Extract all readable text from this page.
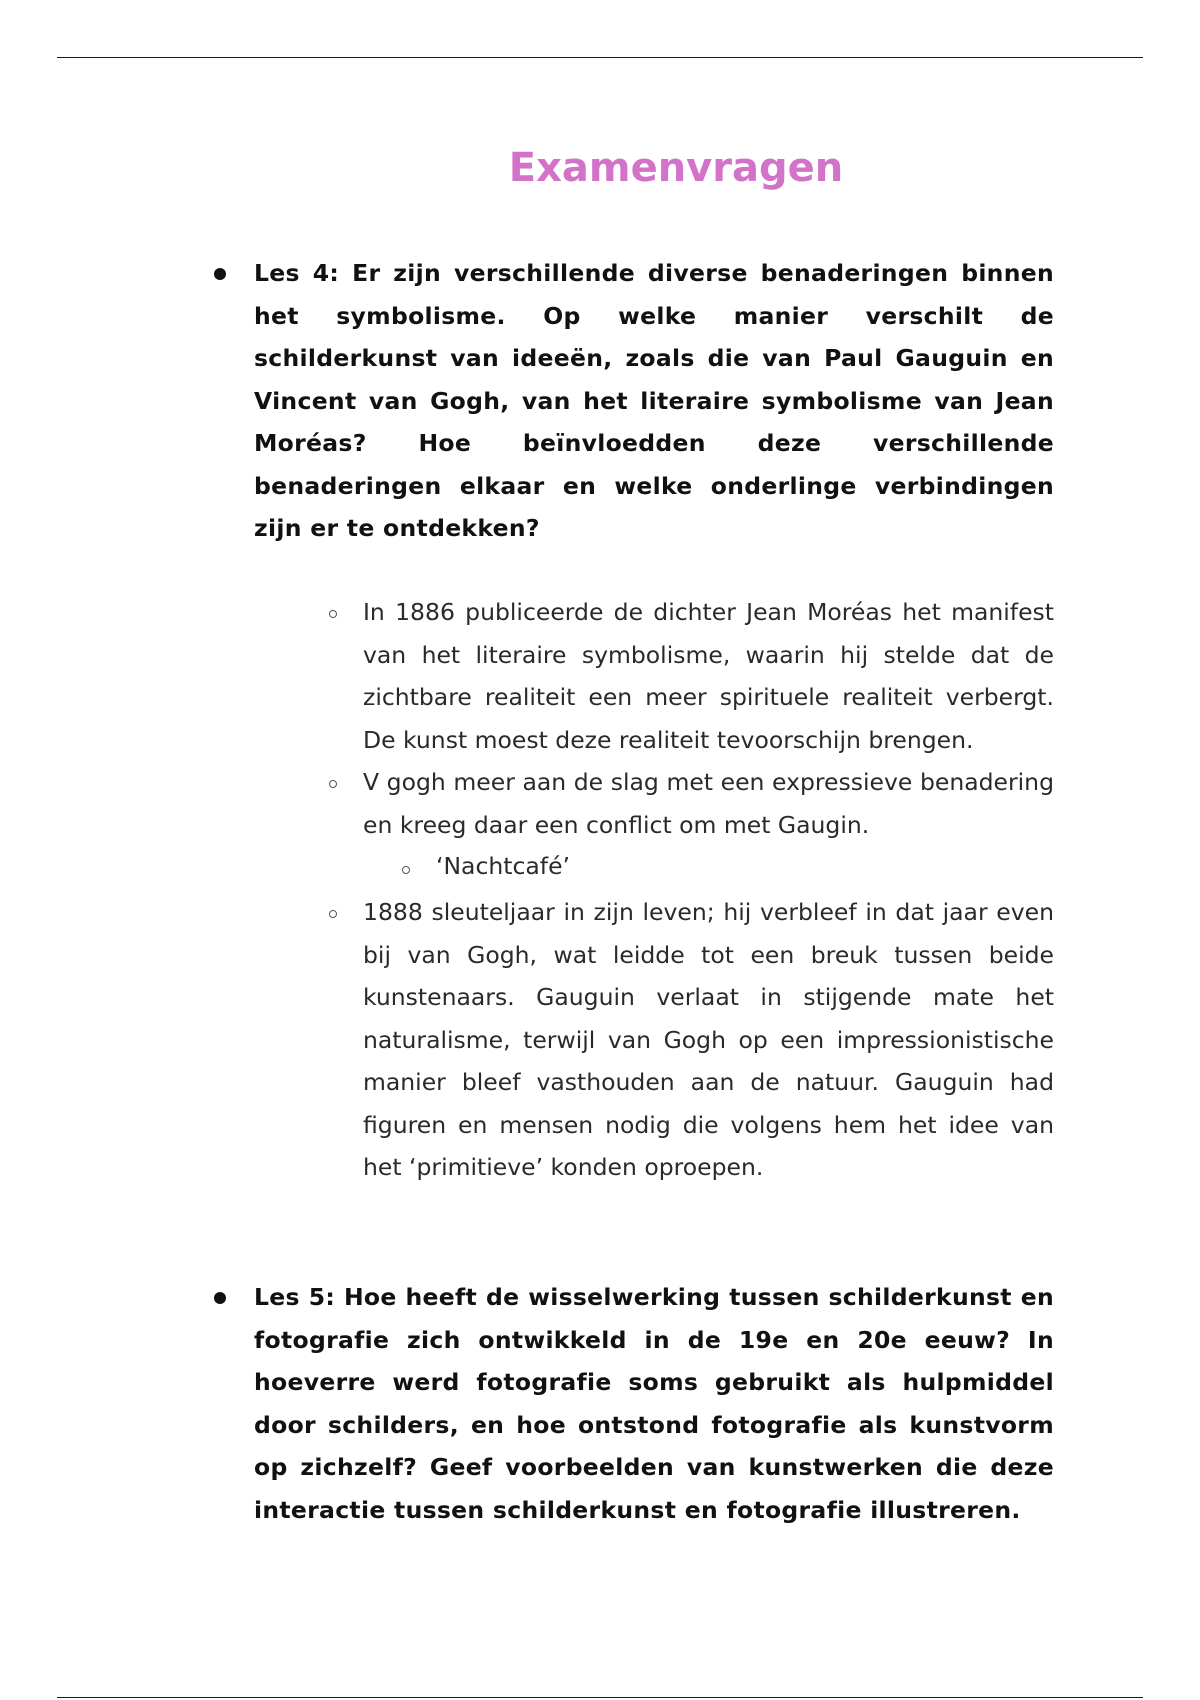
Examenvragen

Les 4: Er zijn verschillende diverse benaderingen binnen het symbolisme. Op welke manier verschilt de schilderkunst van ideeën, zoals die van Paul Gauguin en Vincent van Gogh, van het literaire symbolisme van Jean Moréas? Hoe beïnvloedden deze verschillende benaderingen elkaar en welke onderlinge verbindingen zijn er te ontdekken?

In 1886 publiceerde de dichter Jean Moréas het manifest van het literaire symbolisme, waarin hij stelde dat de zichtbare realiteit een meer spirituele realiteit verbergt. De kunst moest deze realiteit tevoorschijn brengen.

V gogh meer aan de slag met een expressieve benadering en kreeg daar een conflict om met Gaugin.

‘Nachtcafé’

1888 sleuteljaar in zijn leven; hij verbleef in dat jaar even bij van Gogh, wat leidde tot een breuk tussen beide kunstenaars. Gauguin verlaat in stijgende mate het naturalisme, terwijl van Gogh op een impressionistische manier bleef vasthouden aan de natuur. Gauguin had figuren en mensen nodig die volgens hem het idee van het ‘primitieve’ konden oproepen.

Les 5: Hoe heeft de wisselwerking tussen schilderkunst en fotografie zich ontwikkeld in de 19e en 20e eeuw? In hoeverre werd fotografie soms gebruikt als hulpmiddel door schilders, en hoe ontstond fotografie als kunstvorm op zichzelf? Geef voorbeelden van kunstwerken die deze interactie tussen schilderkunst en fotografie illustreren.
